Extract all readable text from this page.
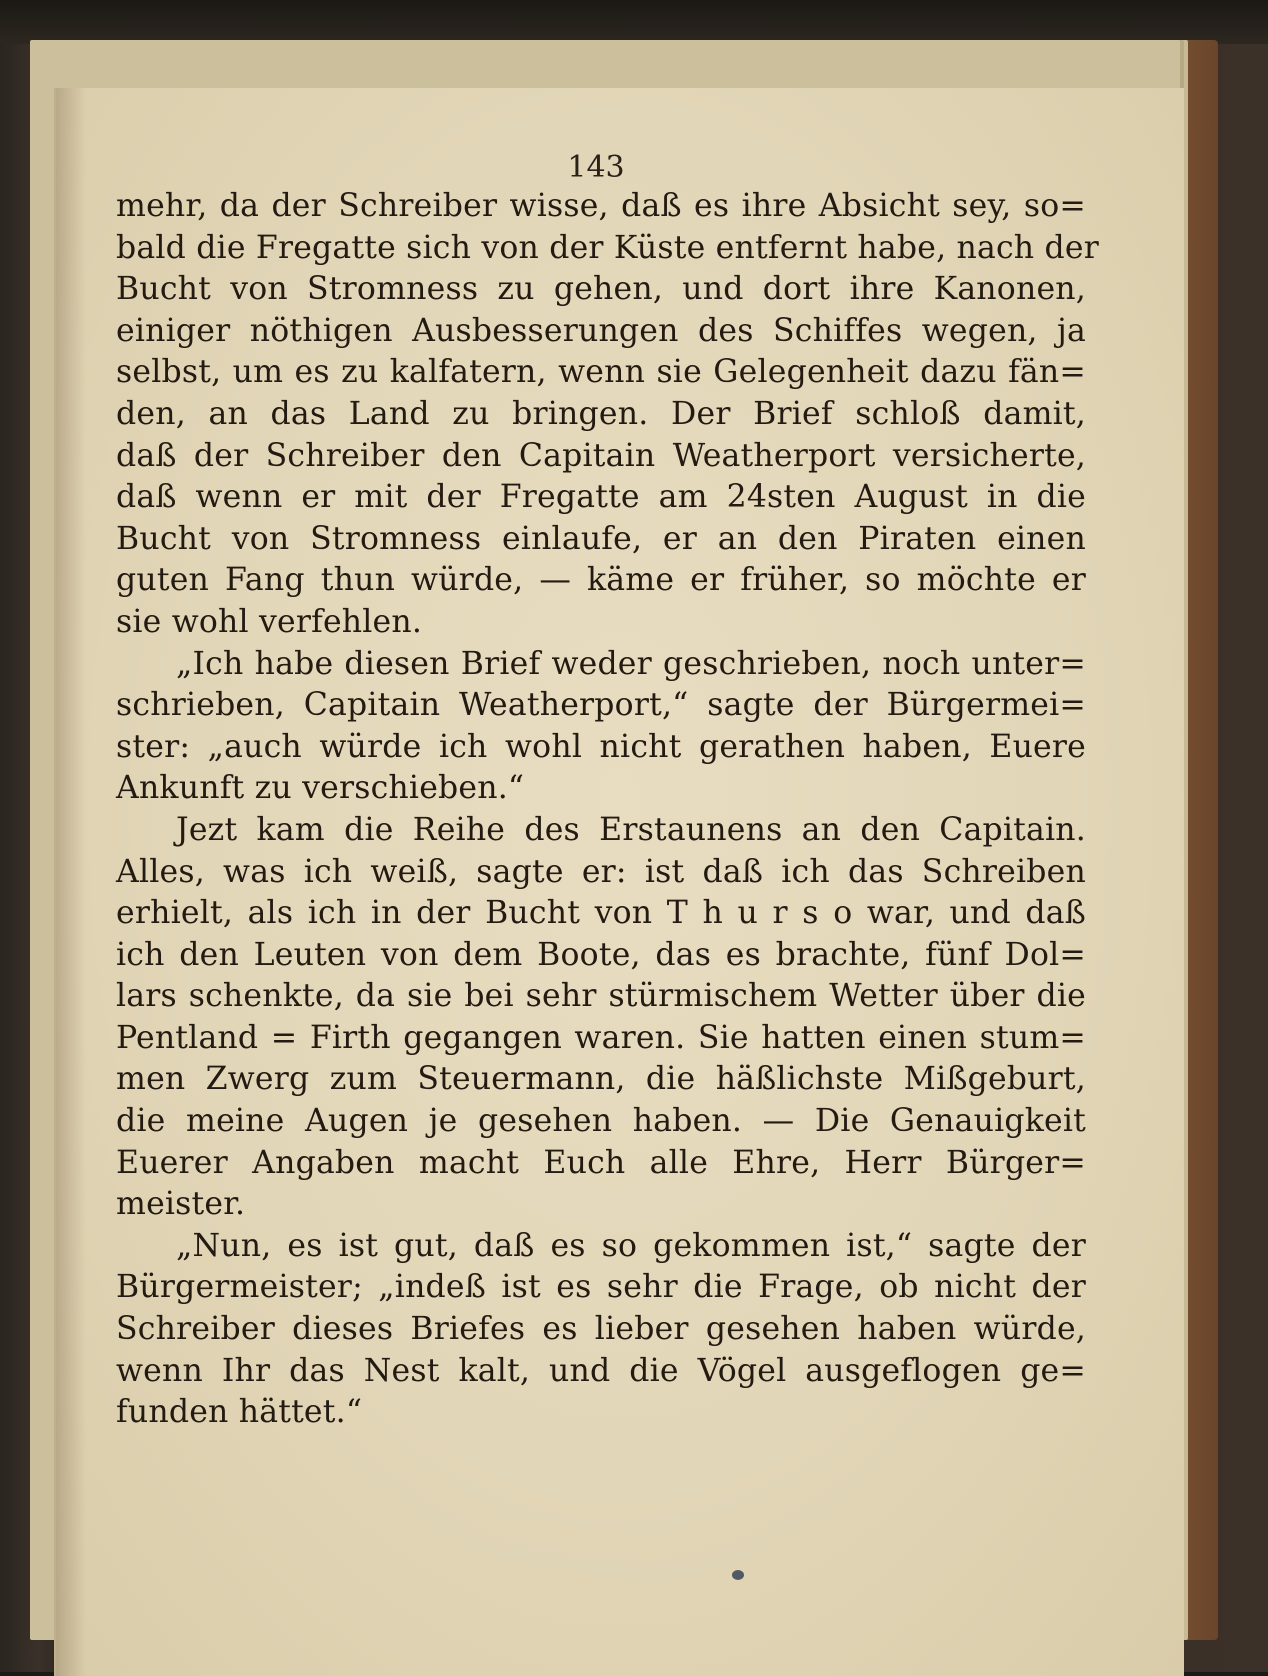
143
mehr, da der Schreiber wisse, daß es ihre Absicht sey, so=
bald die Fregatte sich von der Küste entfernt habe, nach der
Bucht von Stromness zu gehen, und dort ihre Kanonen,
einiger nöthigen Ausbesserungen des Schiffes wegen, ja
selbst, um es zu kalfatern, wenn sie Gelegenheit dazu fän=
den, an das Land zu bringen. Der Brief schloß damit,
daß der Schreiber den Capitain Weatherport versicherte,
daß wenn er mit der Fregatte am 24sten August in die
Bucht von Stromness einlaufe, er an den Piraten einen
guten Fang thun würde, — käme er früher, so möchte er
sie wohl verfehlen.
„Ich habe diesen Brief weder geschrieben, noch unter=
schrieben, Capitain Weatherport,“ sagte der Bürgermei=
ster: „auch würde ich wohl nicht gerathen haben, Euere
Ankunft zu verschieben.“
Jezt kam die Reihe des Erstaunens an den Capitain.
Alles, was ich weiß, sagte er: ist daß ich das Schreiben
erhielt, als ich in der Bucht von T h u r s o war, und daß
ich den Leuten von dem Boote, das es brachte, fünf Dol=
lars schenkte, da sie bei sehr stürmischem Wetter über die
Pentland = Firth gegangen waren. Sie hatten einen stum=
men Zwerg zum Steuermann, die häßlichste Mißgeburt,
die meine Augen je gesehen haben. — Die Genauigkeit
Euerer Angaben macht Euch alle Ehre, Herr Bürger=
meister.
„Nun, es ist gut, daß es so gekommen ist,“ sagte der
Bürgermeister; „indeß ist es sehr die Frage, ob nicht der
Schreiber dieses Briefes es lieber gesehen haben würde,
wenn Ihr das Nest kalt, und die Vögel ausgeflogen ge=
funden hättet.“
